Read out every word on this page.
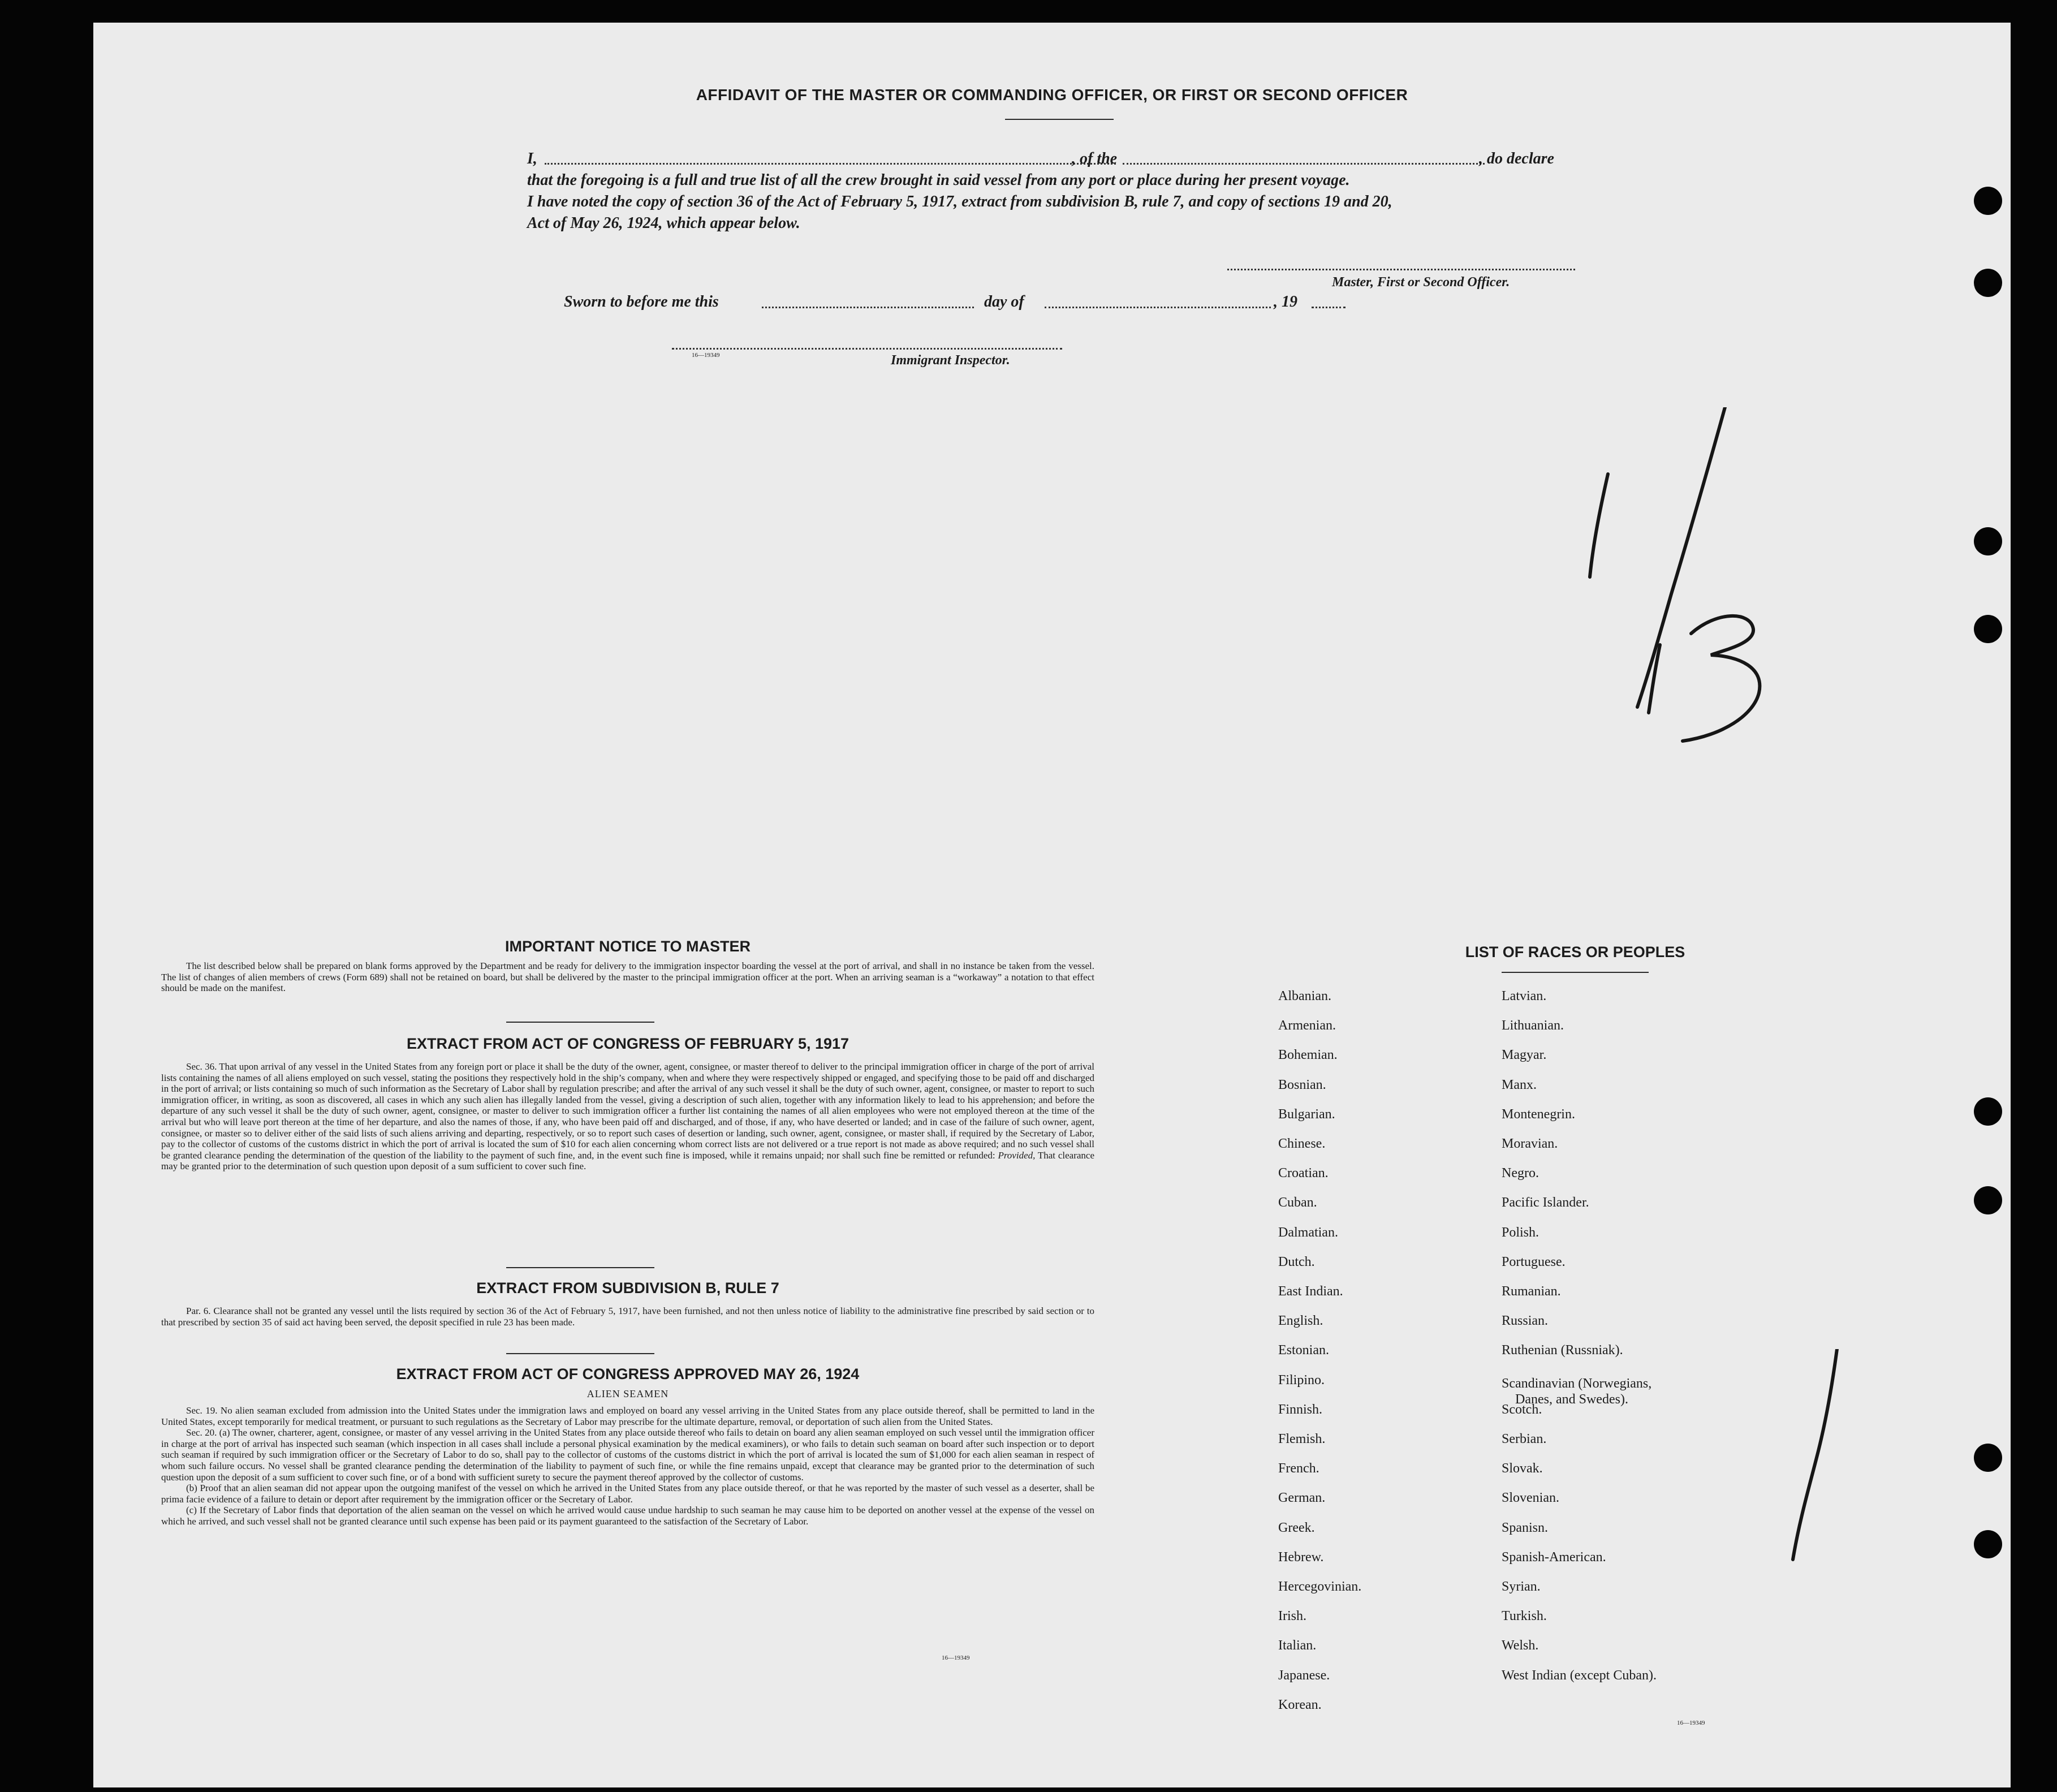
AFFIDAVIT OF THE MASTER OR COMMANDING OFFICER, OR FIRST OR SECOND OFFICER
I,	, of the	, do declare
that the foregoing is a full and true list of all the crew brought in said vessel from any port or place during her present voyage.
I have noted the copy of section 36 of the Act of February 5, 1917, extract from subdivision B, rule 7, and copy of sections 19 and 20,
Act of May 26, 1924, which appear below.
Master, First or Second Officer.
Sworn to before me this	day of	, 19
16—19349	Immigrant Inspector.
IMPORTANT NOTICE TO MASTER

The list described below shall be prepared on blank forms approved by the Department and be ready for delivery to the immigration inspector boarding the vessel at the port of arrival, and shall in no instance be taken from the vessel. The list of changes of alien members of crews (Form 689) shall not be retained on board, but shall be delivered by the master to the principal immigration officer at the port. When an arriving seaman is a “workaway” a notation to that effect should be made on the manifest.

EXTRACT FROM ACT OF CONGRESS OF FEBRUARY 5, 1917

Sec. 36. That upon arrival of any vessel in the United States from any foreign port or place it shall be the duty of the owner, agent, consignee, or master thereof to deliver to the principal immigration officer in charge of the port of arrival lists containing the names of all aliens employed on such vessel, stating the positions they respectively hold in the ship’s company, when and where they were respectively shipped or engaged, and specifying those to be paid off and discharged in the port of arrival; or lists containing so much of such information as the Secretary of Labor shall by regulation prescribe; and after the arrival of any such vessel it shall be the duty of such owner, agent, consignee, or master to report to such immigration officer, in writing, as soon as discovered, all cases in which any such alien has illegally landed from the vessel, giving a description of such alien, together with any information likely to lead to his apprehension; and before the departure of any such vessel it shall be the duty of such owner, agent, consignee, or master to deliver to such immigration officer a further list containing the names of all alien employees who were not employed thereon at the time of the arrival but who will leave port thereon at the time of her departure, and also the names of those, if any, who have been paid off and discharged, and of those, if any, who have deserted or landed; and in case of the failure of such owner, agent, consignee, or master so to deliver either of the said lists of such aliens arriving and departing, respectively, or so to report such cases of desertion or landing, such owner, agent, consignee, or master shall, if required by the Secretary of Labor, pay to the collector of customs of the customs district in which the port of arrival is located the sum of $10 for each alien concerning whom correct lists are not delivered or a true report is not made as above required; and no such vessel shall be granted clearance pending the determination of the question of the liability to the payment of such fine, and, in the event such fine is imposed, while it remains unpaid; nor shall such fine be remitted or refunded: Provided, That clearance may be granted prior to the determination of such question upon deposit of a sum sufficient to cover such fine.

EXTRACT FROM SUBDIVISION B, RULE 7

Par. 6. Clearance shall not be granted any vessel until the lists required by section 36 of the Act of February 5, 1917, have been furnished, and not then unless notice of liability to the administrative fine prescribed by said section or to that prescribed by section 35 of said act having been served, the deposit specified in rule 23 has been made.

EXTRACT FROM ACT OF CONGRESS APPROVED MAY 26, 1924
ALIEN SEAMEN

Sec. 19. No alien seaman excluded from admission into the United States under the immigration laws and employed on board any vessel arriving in the United States from any place outside thereof, shall be permitted to land in the United States, except temporarily for medical treatment, or pursuant to such regulations as the Secretary of Labor may prescribe for the ultimate departure, removal, or deportation of such alien from the United States.

Sec. 20. (a) The owner, charterer, agent, consignee, or master of any vessel arriving in the United States from any place outside thereof who fails to detain on board any alien seaman employed on such vessel until the immigration officer in charge at the port of arrival has inspected such seaman (which inspection in all cases shall include a personal physical examination by the medical examiners), or who fails to detain such seaman on board after such inspection or to deport such seaman if required by such immigration officer or the Secretary of Labor to do so, shall pay to the collector of customs of the customs district in which the port of arrival is located the sum of $1,000 for each alien seaman in respect of whom such failure occurs. No vessel shall be granted clearance pending the determination of the liability to payment of such fine, or while the fine remains unpaid, except that clearance may be granted prior to the determination of such question upon the deposit of a sum sufficient to cover such fine, or of a bond with sufficient surety to secure the payment thereof approved by the collector of customs.

(b) Proof that an alien seaman did not appear upon the outgoing manifest of the vessel on which he arrived in the United States from any place outside thereof, or that he was reported by the master of such vessel as a deserter, shall be prima facie evidence of a failure to detain or deport after requirement by the immigration officer or the Secretary of Labor.

(c) If the Secretary of Labor finds that deportation of the alien seaman on the vessel on which he arrived would cause undue hardship to such seaman he may cause him to be deported on another vessel at the expense of the vessel on which he arrived, and such vessel shall not be granted clearance until such expense has been paid or its payment guaranteed to the satisfaction of the Secretary of Labor.

16—19349
LIST OF RACES OR PEOPLES
16—19349
Albanian.
Armenian.
Bohemian.
Bosnian.
Bulgarian.
Chinese.
Croatian.
Cuban.
Dalmatian.
Dutch.
East Indian.
English.
Estonian.
Filipino.
Finnish.
Flemish.
French.
German.
Greek.
Hebrew.
Hercegovinian.
Irish.
Italian.
Japanese.
Korean.
Latvian.
Lithuanian.
Magyar.
Manx.
Montenegrin.
Moravian.
Negro.
Pacific Islander.
Polish.
Portuguese.
Rumanian.
Russian.
Ruthenian (Russniak).
Scandinavian (Norwegians,
Danes, and Swedes).
Scotch.
Serbian.
Slovak.
Slovenian.
Spanisn.
Spanish-American.
Syrian.
Turkish.
Welsh.
West Indian (except Cuban).
